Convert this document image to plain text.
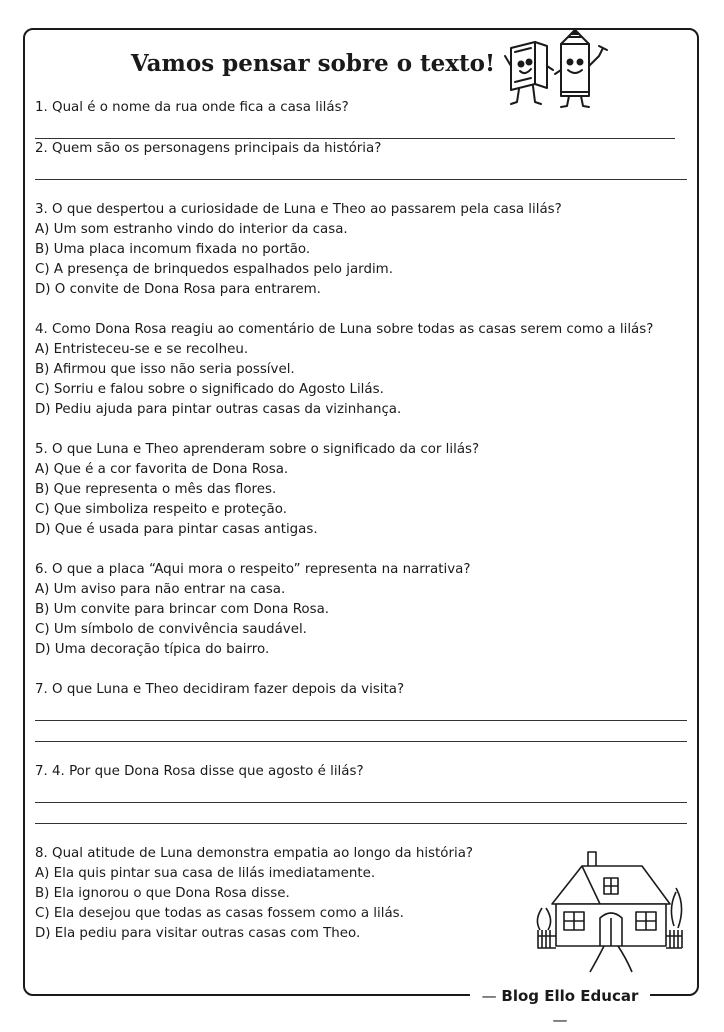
— Blog Ello Educar —
Vamos pensar sobre o texto!
1. Qual é o nome da rua onde fica a casa lilás?
2. Quem são os personagens principais da história?
3. O que despertou a curiosidade de Luna e Theo ao passarem pela casa lilás?
A) Um som estranho vindo do interior da casa.
B) Uma placa incomum fixada no portão.
C) A presença de brinquedos espalhados pelo jardim.
D) O convite de Dona Rosa para entrarem.
4. Como Dona Rosa reagiu ao comentário de Luna sobre todas as casas serem como a lilás?
A) Entristeceu-se e se recolheu.
B) Afirmou que isso não seria possível.
C) Sorriu e falou sobre o significado do Agosto Lilás.
D) Pediu ajuda para pintar outras casas da vizinhança.
5. O que Luna e Theo aprenderam sobre o significado da cor lilás?
A) Que é a cor favorita de Dona Rosa.
B) Que representa o mês das flores.
C) Que simboliza respeito e proteção.
D) Que é usada para pintar casas antigas.
6. O que a placa “Aqui mora o respeito” representa na narrativa?
A) Um aviso para não entrar na casa.
B) Um convite para brincar com Dona Rosa.
C) Um símbolo de convivência saudável.
D) Uma decoração típica do bairro.
7. O que Luna e Theo decidiram fazer depois da visita?
7. 4. Por que Dona Rosa disse que agosto é lilás?
8. Qual atitude de Luna demonstra empatia ao longo da história?
A) Ela quis pintar sua casa de lilás imediatamente.
B) Ela ignorou o que Dona Rosa disse.
C) Ela desejou que todas as casas fossem como a lilás.
D) Ela pediu para visitar outras casas com Theo.
